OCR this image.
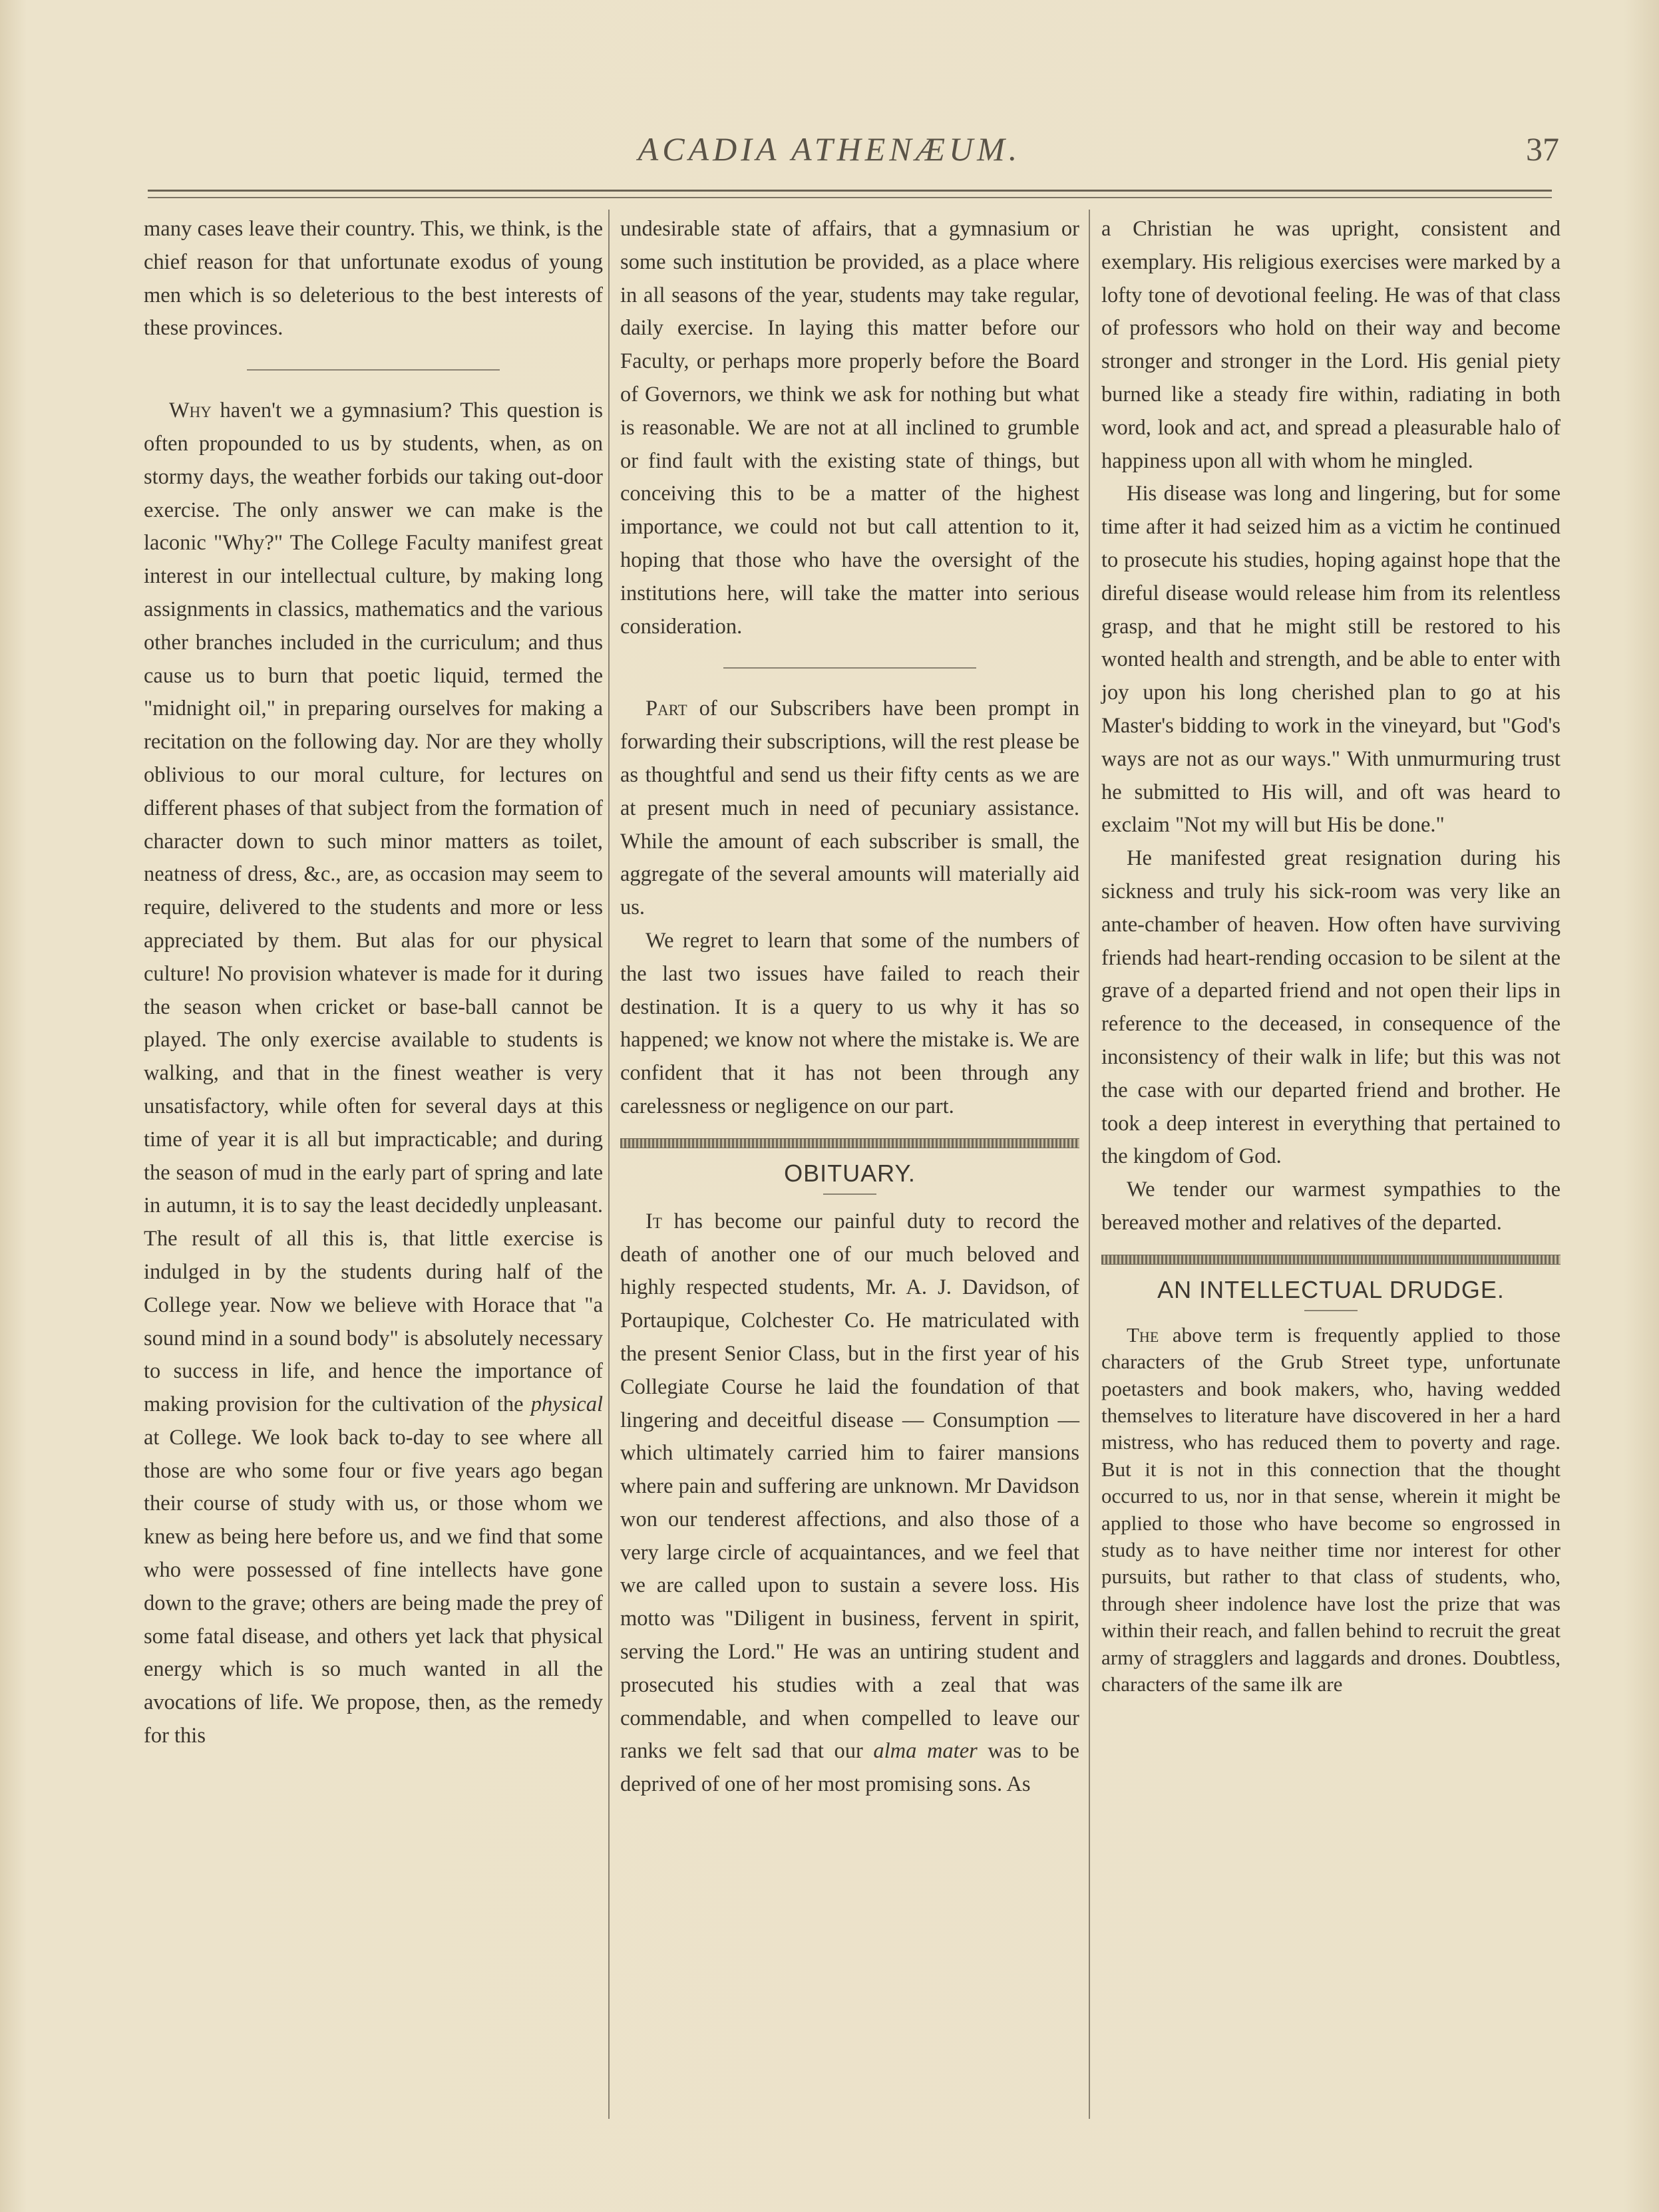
ACADIA ATHENÆUM.	37

many cases leave their country. This, we think, is the chief reason for that unfortunate exodus of young men which is so deleterious to the best interests of these provinces.

Why haven't we a gymnasium? This question is often propounded to us by students, when, as on stormy days, the weather forbids our taking out-door exercise. The only answer we can make is the laconic "Why?" The College Faculty manifest great interest in our intellectual culture, by making long assignments in classics, mathematics and the various other branches included in the curriculum; and thus cause us to burn that poetic liquid, termed the "midnight oil," in preparing ourselves for making a recitation on the following day. Nor are they wholly oblivious to our moral culture, for lectures on different phases of that subject from the formation of character down to such minor matters as toilet, neatness of dress, &c., are, as occasion may seem to require, delivered to the students and more or less appreciated by them. But alas for our physical culture! No provision whatever is made for it during the season when cricket or base-ball cannot be played. The only exercise available to students is walking, and that in the finest weather is very unsatisfactory, while often for several days at this time of year it is all but impracticable; and during the season of mud in the early part of spring and late in autumn, it is to say the least decidedly unpleasant. The result of all this is, that little exercise is indulged in by the students during half of the College year. Now we believe with Horace that "a sound mind in a sound body" is absolutely necessary to success in life, and hence the importance of making provision for the cultivation of the physical at College. We look back to-day to see where all those are who some four or five years ago began their course of study with us, or those whom we knew as being here before us, and we find that some who were possessed of fine intellects have gone down to the grave; others are being made the prey of some fatal disease, and others yet lack that physical energy which is so much wanted in all the avocations of life. We propose, then, as the remedy for this

undesirable state of affairs, that a gymnasium or some such institution be provided, as a place where in all seasons of the year, students may take regular, daily exercise. In laying this matter before our Faculty, or perhaps more properly before the Board of Governors, we think we ask for nothing but what is reasonable. We are not at all inclined to grumble or find fault with the existing state of things, but conceiving this to be a matter of the highest importance, we could not but call attention to it, hoping that those who have the oversight of the institutions here, will take the matter into serious consideration.

Part of our Subscribers have been prompt in forwarding their subscriptions, will the rest please be as thoughtful and send us their fifty cents as we are at present much in need of pecuniary assistance. While the amount of each subscriber is small, the aggregate of the several amounts will materially aid us.

We regret to learn that some of the numbers of the last two issues have failed to reach their destination. It is a query to us why it has so happened; we know not where the mistake is. We are confident that it has not been through any carelessness or negligence on our part.

OBITUARY.

It has become our painful duty to record the death of another one of our much beloved and highly respected students, Mr. A. J. Davidson, of Portaupique, Colchester Co. He matriculated with the present Senior Class, but in the first year of his Collegiate Course he laid the foundation of that lingering and deceitful disease — Consumption — which ultimately carried him to fairer mansions where pain and suffering are unknown. Mr Davidson won our tenderest affections, and also those of a very large circle of acquaintances, and we feel that we are called upon to sustain a severe loss. His motto was "Diligent in business, fervent in spirit, serving the Lord." He was an untiring student and prosecuted his studies with a zeal that was commendable, and when compelled to leave our ranks we felt sad that our alma mater was to be deprived of one of her most promising sons. As

a Christian he was upright, consistent and exemplary. His religious exercises were marked by a lofty tone of devotional feeling. He was of that class of professors who hold on their way and become stronger and stronger in the Lord. His genial piety burned like a steady fire within, radiating in both word, look and act, and spread a pleasurable halo of happiness upon all with whom he mingled.

His disease was long and lingering, but for some time after it had seized him as a victim he continued to prosecute his studies, hoping against hope that the direful disease would release him from its relentless grasp, and that he might still be restored to his wonted health and strength, and be able to enter with joy upon his long cherished plan to go at his Master's bidding to work in the vineyard, but "God's ways are not as our ways." With unmurmuring trust he submitted to His will, and oft was heard to exclaim "Not my will but His be done."

He manifested great resignation during his sickness and truly his sick-room was very like an ante-chamber of heaven. How often have surviving friends had heart-rending occasion to be silent at the grave of a departed friend and not open their lips in reference to the deceased, in consequence of the inconsistency of their walk in life; but this was not the case with our departed friend and brother. He took a deep interest in everything that pertained to the kingdom of God.

We tender our warmest sympathies to the bereaved mother and relatives of the departed.

AN INTELLECTUAL DRUDGE.

The above term is frequently applied to those characters of the Grub Street type, unfortunate poetasters and book makers, who, having wedded themselves to literature have discovered in her a hard mistress, who has reduced them to poverty and rage. But it is not in this connection that the thought occurred to us, nor in that sense, wherein it might be applied to those who have become so engrossed in study as to have neither time nor interest for other pursuits, but rather to that class of students, who, through sheer indolence have lost the prize that was within their reach, and fallen behind to recruit the great army of stragglers and laggards and drones. Doubtless, characters of the same ilk are
